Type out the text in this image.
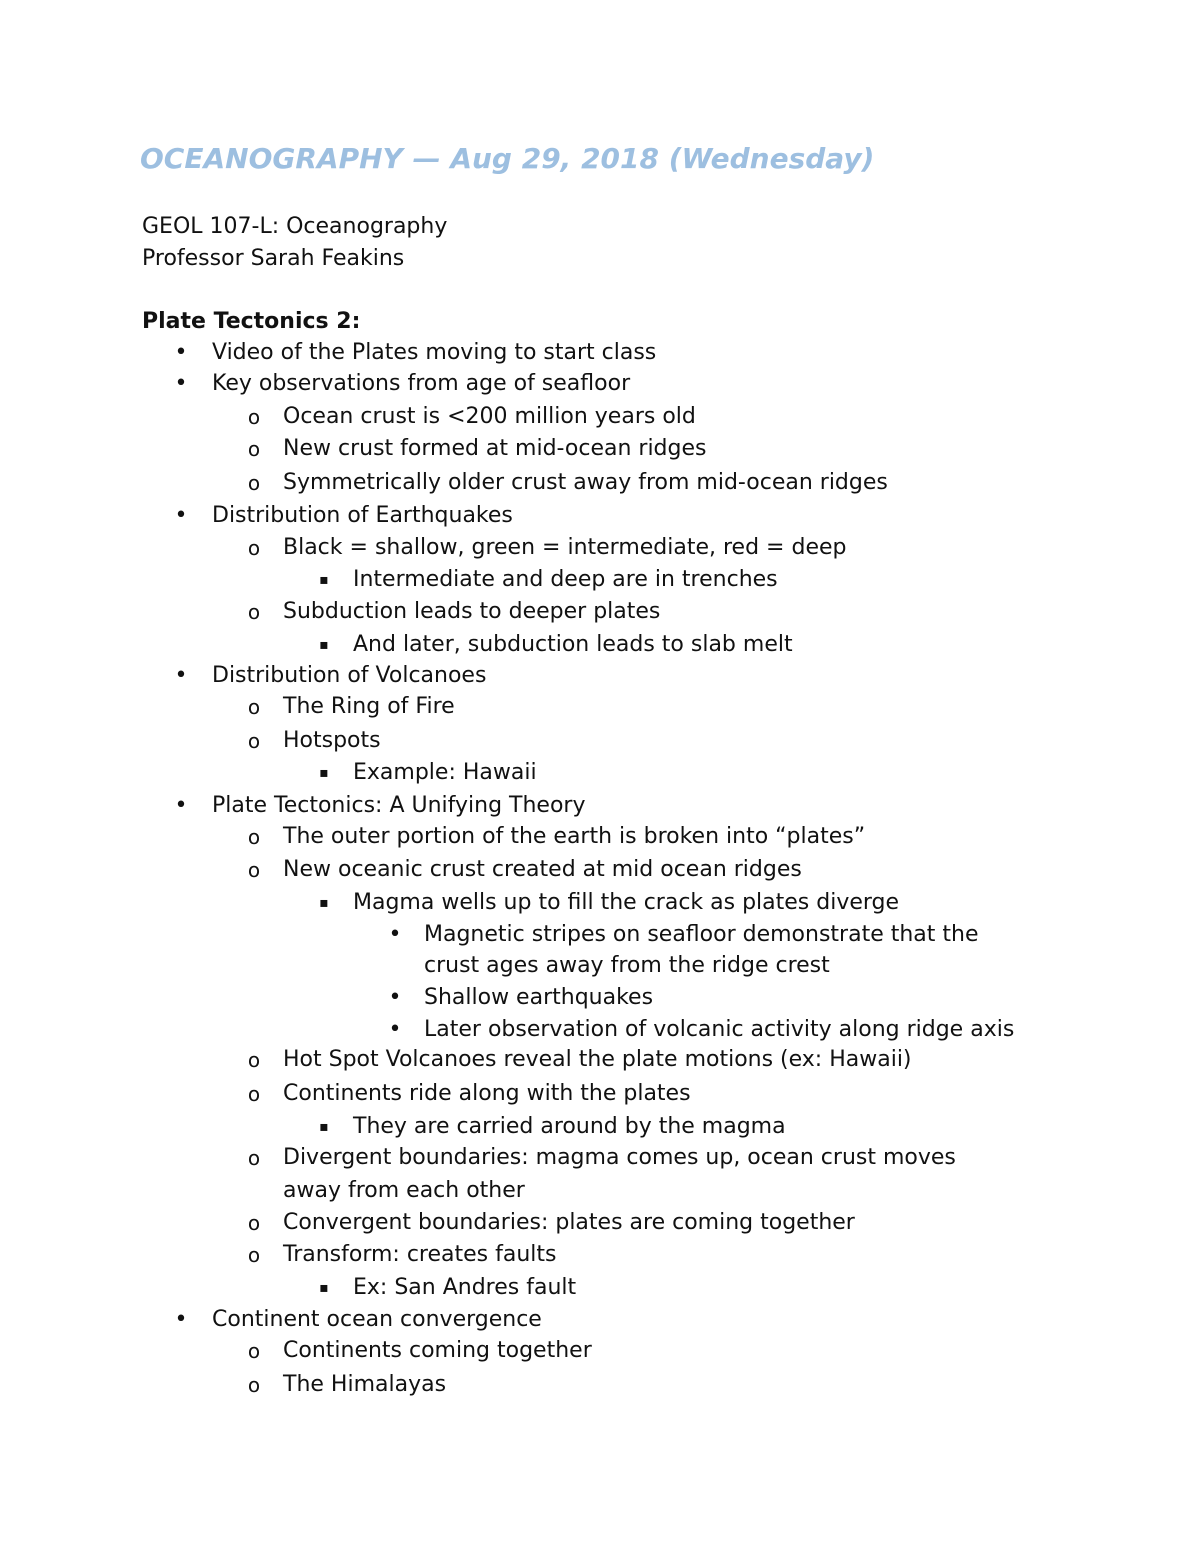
OCEANOGRAPHY — Aug 29, 2018 (Wednesday)
GEOL 107-L: Oceanography
Professor Sarah Feakins
Plate Tectonics 2:
• Video of the Plates moving to start class
• Key observations from age of seafloor
o Ocean crust is <200 million years old
o New crust formed at mid-ocean ridges
o Symmetrically older crust away from mid-ocean ridges
• Distribution of Earthquakes
o Black = shallow, green = intermediate, red = deep
▪ Intermediate and deep are in trenches
o Subduction leads to deeper plates
▪ And later, subduction leads to slab melt
• Distribution of Volcanoes
o The Ring of Fire
o Hotspots
▪ Example: Hawaii
• Plate Tectonics: A Unifying Theory
o The outer portion of the earth is broken into “plates”
o New oceanic crust created at mid ocean ridges
▪ Magma wells up to fill the crack as plates diverge
• Magnetic stripes on seafloor demonstrate that the
crust ages away from the ridge crest
• Shallow earthquakes
• Later observation of volcanic activity along ridge axis
o Hot Spot Volcanoes reveal the plate motions (ex: Hawaii)
o Continents ride along with the plates
▪ They are carried around by the magma
o Divergent boundaries: magma comes up, ocean crust moves
away from each other
o Convergent boundaries: plates are coming together
o Transform: creates faults
▪ Ex: San Andres fault
• Continent ocean convergence
o Continents coming together
o The Himalayas
